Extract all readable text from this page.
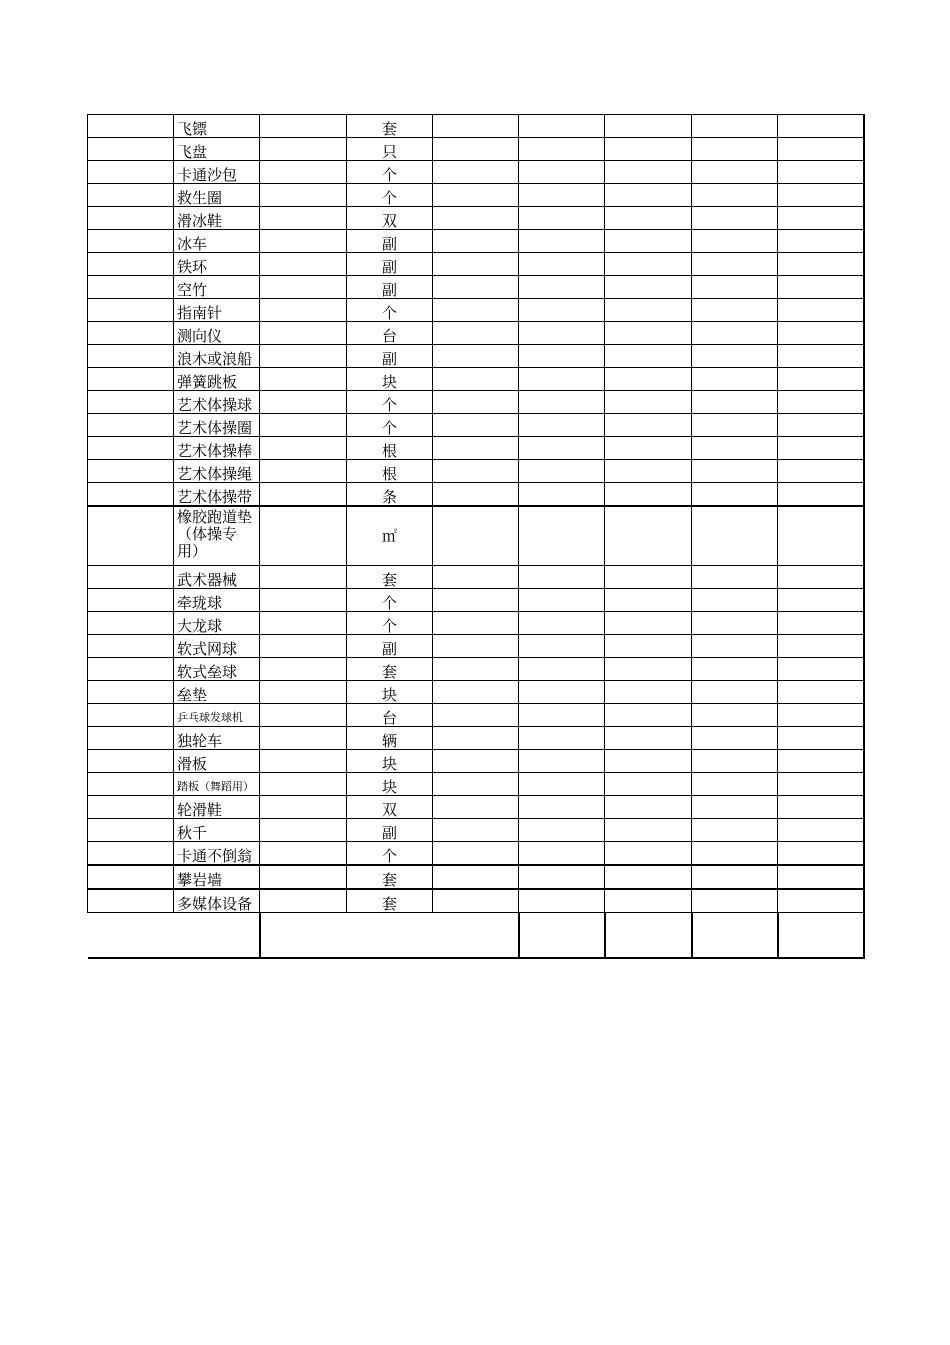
	飞镖		套					
	飞盘		只					
	卡通沙包		个					
	救生圈		个					
	滑冰鞋		双					
	冰车		副					
	铁环		副					
	空竹		副					
	指南针		个					
	测向仪		台					
	浪木或浪船		副					
	弹簧跳板		块					
	艺术体操球		个					
	艺术体操圈		个					
	艺术体操棒		根					
	艺术体操绳		根					
	艺术体操带		条					
	橡胶跑道垫（体操专用）		㎡					
	武术器械		套					
	牵珑球		个					
	大龙球		个					
	软式网球		副					
	软式垒球		套					
	垒垫		块					
	乒乓球发球机		台					
	独轮车		辆					
	滑板		块					
	踏板（舞蹈用）		块					
	轮滑鞋		双					
	秋千		副					
	卡通不倒翁		个					
	攀岩墙		套					
	多媒体设备		套					
